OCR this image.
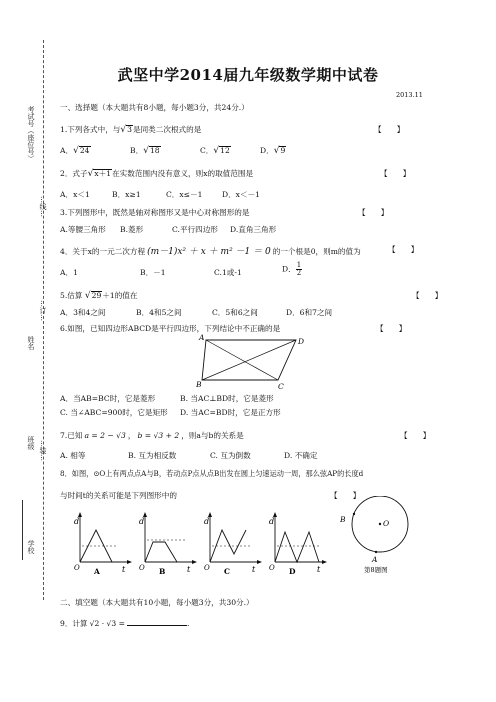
考试号（座位号）
…线…
…订…
姓名
…装…
班级
学校
武坚中学2014届九年级数学期中试卷
2013.11
一、选择题（本大题共有8小题，每小题3分，共24分.）
1.下列各式中，与√3是同类二次根式的是	【　　】
A．√24	B．√18	C．√12	D．√9
2．式子√x＋1在实数范围内没有意义，则x的取值范围是	【　　】
A．x＜1	B．x≥1	C．x≤－1	D．x＜－1
3.下列图形中，既然是轴对称图形又是中心对称图形的是	【　　】
A.等腰三角形 B.菱形	C.平行四边形 D.直角三角形
4．关于x的一元二次方程 (m－1)x² ＋ x ＋ m² －1 ＝ 0 的一个根是0，则m的值为	【　　】
A．1	B．－1	C.1或-1	D． $\frac{1}{2}$
5.估算 √29＋1的值在	【　　】
A．3和4之间	B．4和5之间	C．5和6之间	D．6和7之间
6.如图，已知四边形ABCD是平行四边形，下列结论中不正确的是	【　　】
A	D
B	C
A．当AB=BC时，它是菱形	B. 当AC⊥BD时，它是菱形
C. 当∠ABC=900时，它是矩形 D. 当AC=BD时，它是正方形
7.已知 a = 2 − √3 ， b = √3 + 2 ，则a与b的关系是	【　　】
A. 相等	B. 互为相反数	C. 互为倒数	D. 不确定
8．如图，⊙O上有两点点A与B，若动点P点从点B出发在圆上匀速运动一周，那么弦AP的长度d
与时间t的关系可能是下列图形中的	【　　】
d
O	t
A
d
O	t
B
d
O	t
C
d
O	t
D
B	O
A
第8题图
二、填空题（本大题共有10小题，每小题3分，共30分.）
9．计算 √2 · √3 =	.
